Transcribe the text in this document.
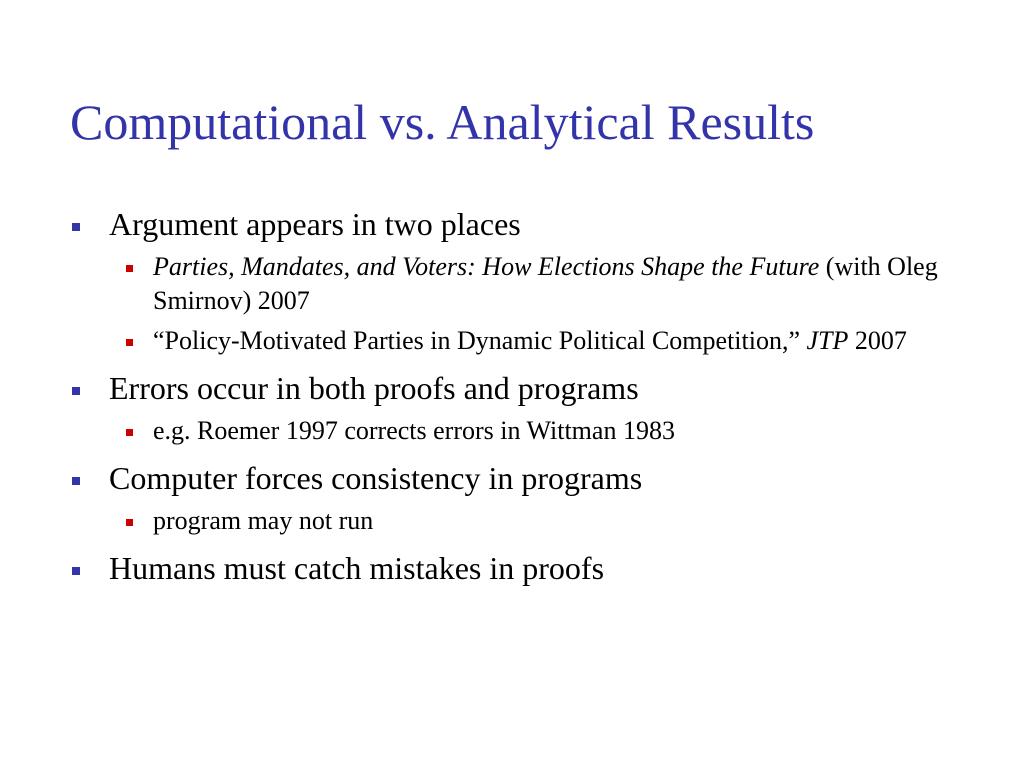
Computational vs. Analytical Results
Argument appears in two places
Parties, Mandates, and Voters: How Elections Shape the Future (with Oleg Smirnov) 2007
“Policy-Motivated Parties in Dynamic Political Competition,” JTP 2007
Errors occur in both proofs and programs
e.g. Roemer 1997 corrects errors in Wittman 1983
Computer forces consistency in programs
program may not run
Humans must catch mistakes in proofs
